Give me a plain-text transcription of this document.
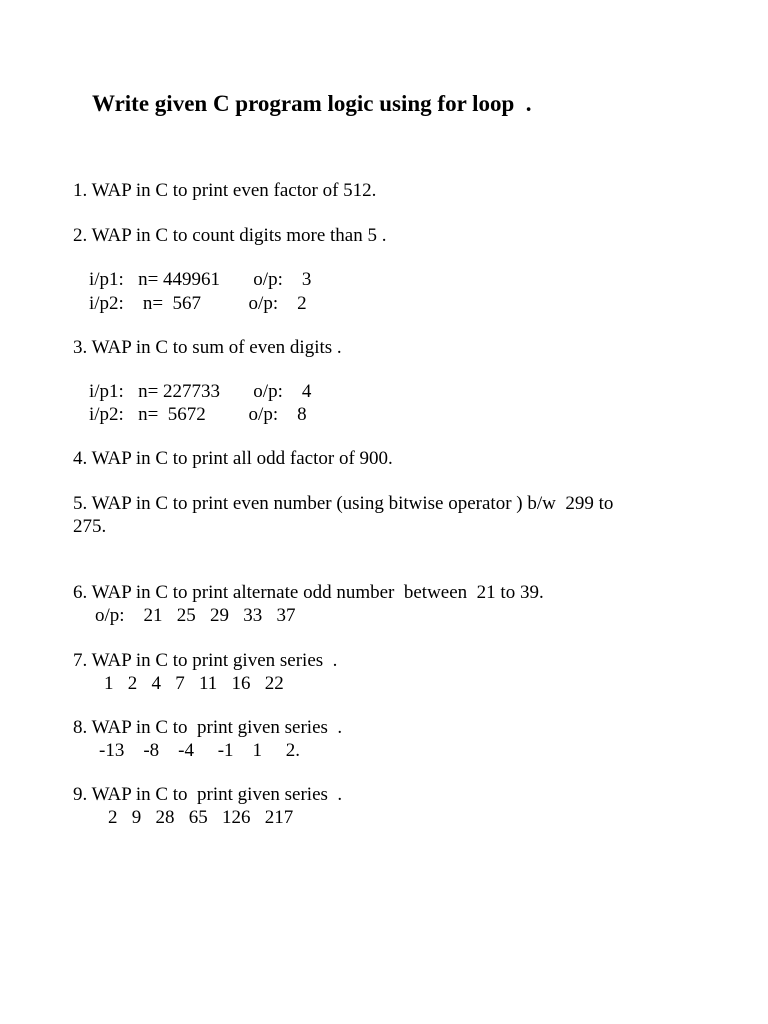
Write given C program logic using for loop  .

1. WAP in C to print even factor of 512.

2. WAP in C to count digits more than 5 .

i/p1:   n= 449961       o/p:    3

i/p2:    n=  567          o/p:    2

3. WAP in C to sum of even digits .

i/p1:   n= 227733       o/p:    4

i/p2:   n=  5672         o/p:    8

4. WAP in C to print all odd factor of 900.

5. WAP in C to print even number (using bitwise operator ) b/w  299 to

275.

6. WAP in C to print alternate odd number  between  21 to 39.

o/p:    21   25   29   33   37

7. WAP in C to print given series  .

1   2   4   7   11   16   22

8. WAP in C to  print given series  .

-13    -8    -4     -1    1     2.

9. WAP in C to  print given series  .

2   9   28   65   126   217
